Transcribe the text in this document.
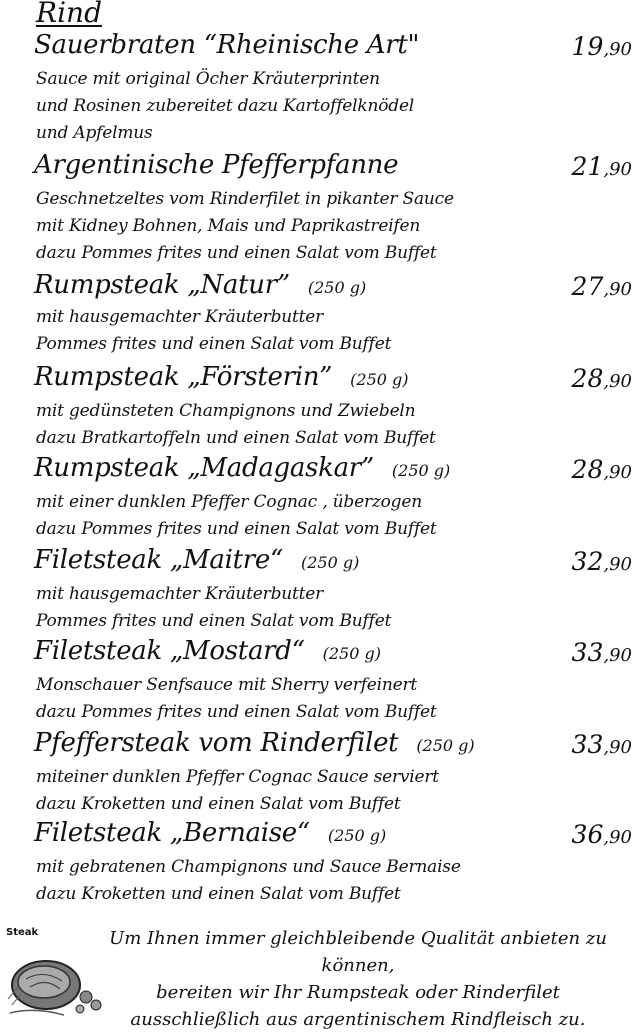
Rind
Sauerbraten “Rheinische Art"	19,90
Sauce mit original Öcher Kräuterprinten
und Rosinen zubereitet dazu Kartoffelknödel
und Apfelmus
Argentinische Pfefferpfanne	21,90
Geschnetzeltes vom Rinderfilet in pikanter Sauce
mit Kidney Bohnen, Mais und Paprikastreifen
dazu Pommes frites und einen Salat vom Buffet
Rumpsteak „Natur” (250 g)	27,90
mit hausgemachter Kräuterbutter
Pommes frites und einen Salat vom Buffet
Rumpsteak „Försterin” (250 g)	28,90
mit gedünsteten Champignons und Zwiebeln
dazu Bratkartoffeln und einen Salat vom Buffet
Rumpsteak „Madagaskar” (250 g)	28,90
mit einer dunklen Pfeffer Cognac ‚ überzogen
dazu Pommes frites und einen Salat vom Buffet
Filetsteak „Maitre“ (250 g)	32,90
mit hausgemachter Kräuterbutter
Pommes frites und einen Salat vom Buffet
Filetsteak „Mostard“ (250 g)	33,90
Monschauer Senfsauce mit Sherry verfeinert
dazu Pommes frites und einen Salat vom Buffet
Pfeffersteak vom Rinderfilet (250 g)	33,90
miteiner dunklen Pfeffer Cognac Sauce serviert
dazu Kroketten und einen Salat vom Buffet
Filetsteak „Bernaise“ (250 g)	36,90
mit gebratenen Champignons und Sauce Bernaise
dazu Kroketten und einen Salat vom Buffet
Steak	Um Ihnen immer gleichbleibende Qualität anbieten zu können,
bereiten wir Ihr Rumpsteak oder Rinderfilet
ausschließlich aus argentinischem Rindfleisch zu.
